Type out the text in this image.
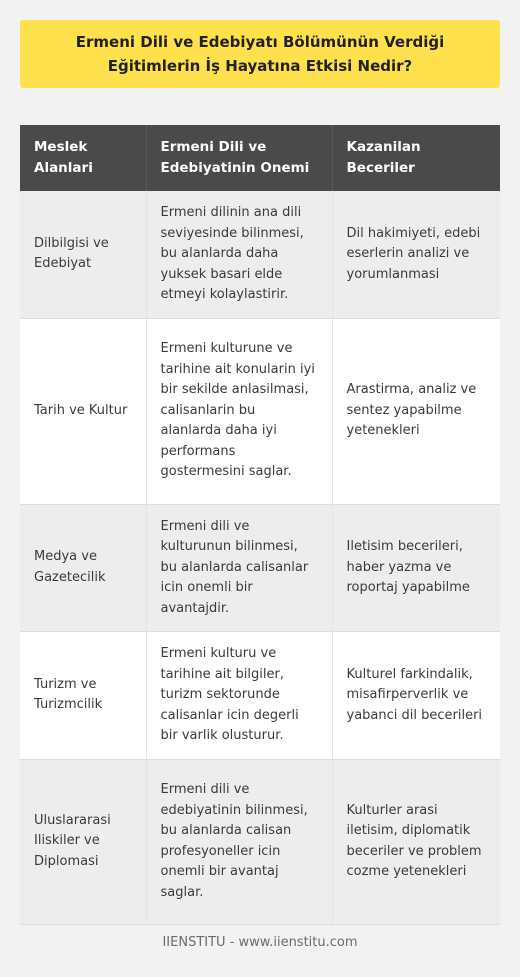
Ermeni Dili ve Edebiyatı Bölümünün Verdiği Eğitimlerin İş Hayatına Etkisi Nedir?
Meslek Alanlari	Ermeni Dili ve Edebiyatinin Onemi	Kazanilan Beceriler
Dilbilgisi ve Edebiyat	Ermeni dilinin ana dili seviyesinde bilinmesi, bu alanlarda daha yuksek basari elde etmeyi kolaylastirir.	Dil hakimiyeti, edebi eserlerin analizi ve yorumlanmasi
Tarih ve Kultur	Ermeni kulturune ve tarihine ait konularin iyi bir sekilde anlasilmasi, calisanlarin bu alanlarda daha iyi performans gostermesini saglar.	Arastirma, analiz ve sentez yapabilme yetenekleri
Medya ve Gazetecilik	Ermeni dili ve kulturunun bilinmesi, bu alanlarda calisanlar icin onemli bir avantajdir.	Iletisim becerileri, haber yazma ve roportaj yapabilme
Turizm ve Turizmcilik	Ermeni kulturu ve tarihine ait bilgiler, turizm sektorunde calisanlar icin degerli bir varlik olusturur.	Kulturel farkindalik, misafirperverlik ve yabanci dil becerileri
Uluslararasi Iliskiler ve Diplomasi	Ermeni dili ve edebiyatinin bilinmesi, bu alanlarda calisan profesyoneller icin onemli bir avantaj saglar.	Kulturler arasi iletisim, diplomatik beceriler ve problem cozme yetenekleri
IIENSTITU - www.iienstitu.com
